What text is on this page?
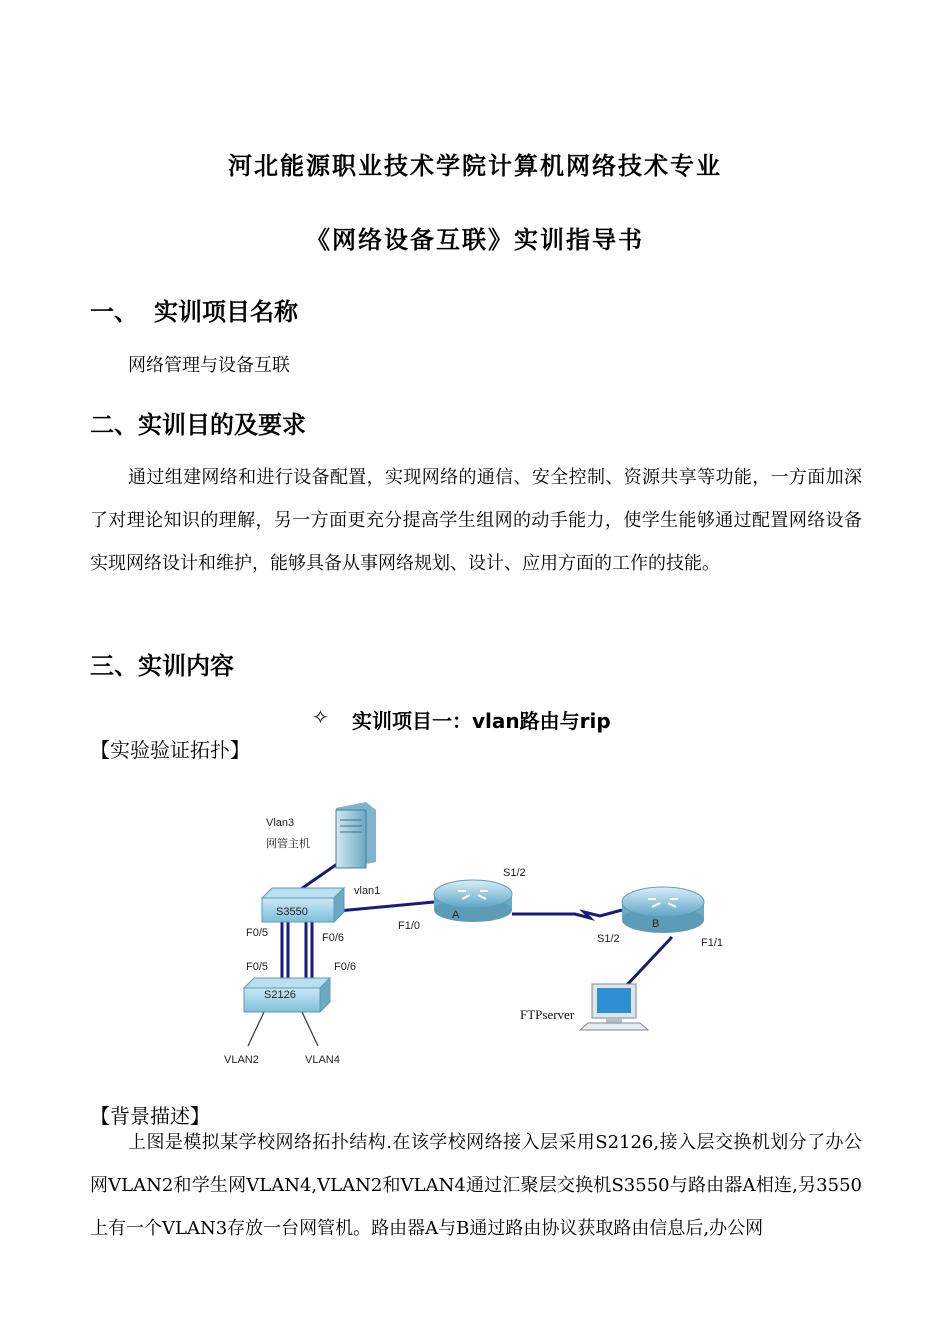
河北能源职业技术学院计算机网络技术专业
《网络设备互联》实训指导书
一、 实训项目名称
网络管理与设备互联
二、实训目的及要求
通过组建网络和进行设备配置，实现网络的通信、安全控制、资源共享等功能，一方面加深了对理论知识的理解，另一方面更充分提高学生组网的动手能力，使学生能够通过配置网络设备实现网络设计和维护，能够具备从事网络规划、设计、应用方面的工作的技能。
三、实训内容
✧ 实训项目一：vlan路由与rip
【实验验证拓扑】
S3550
S2126
A
B
Vlan3
网管主机
vlan1
S1/2
F1/0
S1/2	F1/1
F0/5	F0/6
F0/5	F0/6
FTPserver
VLAN2	VLAN4
【背景描述】
上图是模拟某学校网络拓扑结构.在该学校网络接入层采用S2126,接入层交换机划分了办公网VLAN2和学生网VLAN4,VLAN2和VLAN4通过汇聚层交换机S3550与路由器A相连,另3550上有一个VLAN3存放一台网管机。路由器A与B通过路由协议获取路由信息后,办公网
